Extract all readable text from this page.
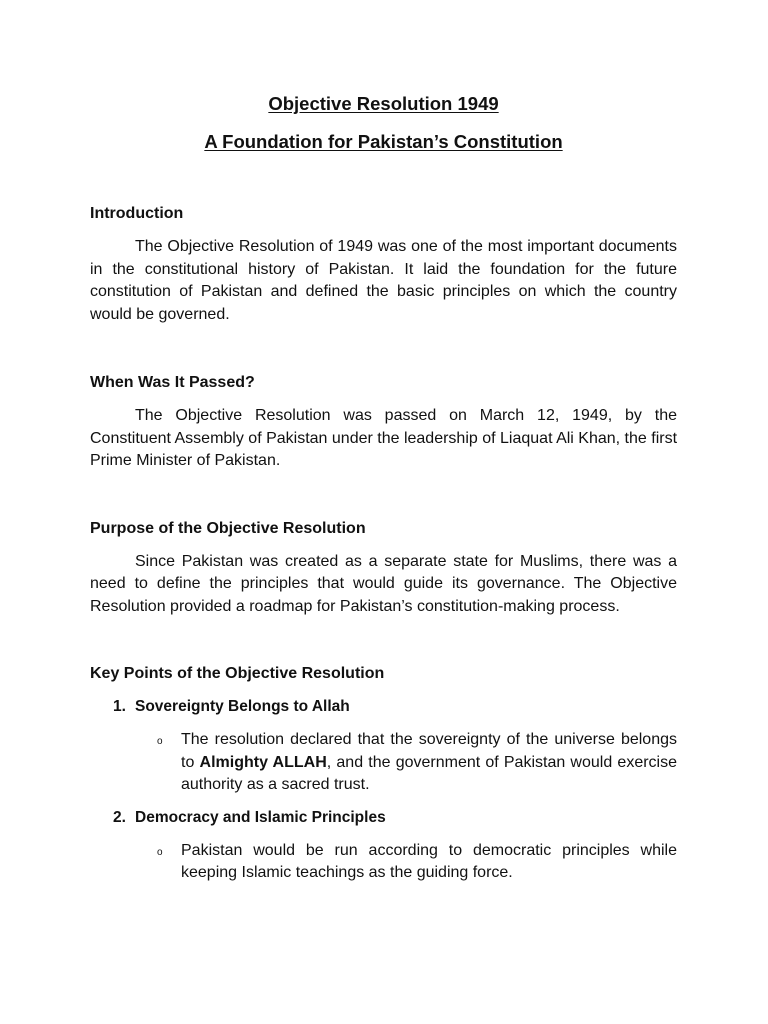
Objective Resolution 1949
A Foundation for Pakistan’s Constitution
Introduction

The Objective Resolution of 1949 was one of the most important documents in the constitutional history of Pakistan. It laid the foundation for the future constitution of Pakistan and defined the basic principles on which the country would be governed.

When Was It Passed?

The Objective Resolution was passed on March 12, 1949, by the Constituent Assembly of Pakistan under the leadership of Liaquat Ali Khan, the first Prime Minister of Pakistan.

Purpose of the Objective Resolution

Since Pakistan was created as a separate state for Muslims, there was a need to define the principles that would guide its governance. The Objective Resolution provided a roadmap for Pakistan’s constitution-making process.

Key Points of the Objective Resolution
1. Sovereignty Belongs to Allah
o	The resolution declared that the sovereignty of the universe belongs to Almighty ALLAH, and the government of Pakistan would exercise authority as a sacred trust.
2. Democracy and Islamic Principles
o	Pakistan would be run according to democratic principles while keeping Islamic teachings as the guiding force.
